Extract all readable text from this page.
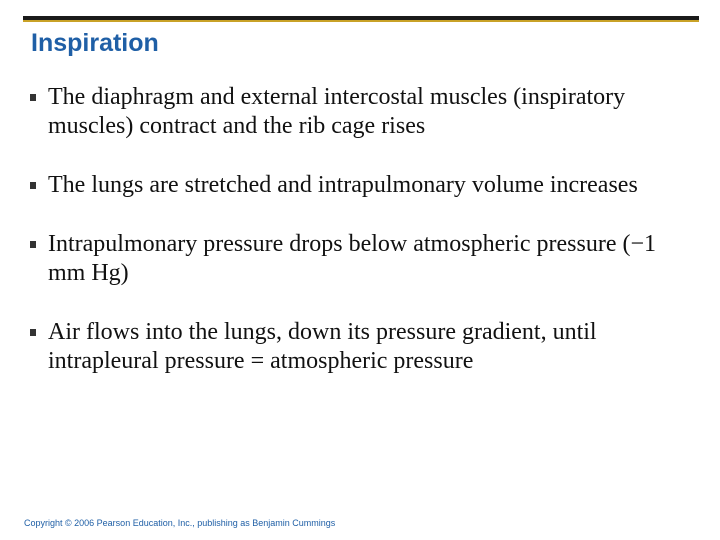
Inspiration
The diaphragm and external intercostal muscles (inspiratory muscles) contract and the rib cage rises
The lungs are stretched and intrapulmonary volume increases
Intrapulmonary pressure drops below atmospheric pressure (−1 mm Hg)
Air flows into the lungs, down its pressure gradient, until intrapleural pressure = atmospheric pressure

Copyright © 2006 Pearson Education, Inc., publishing as Benjamin Cummings
